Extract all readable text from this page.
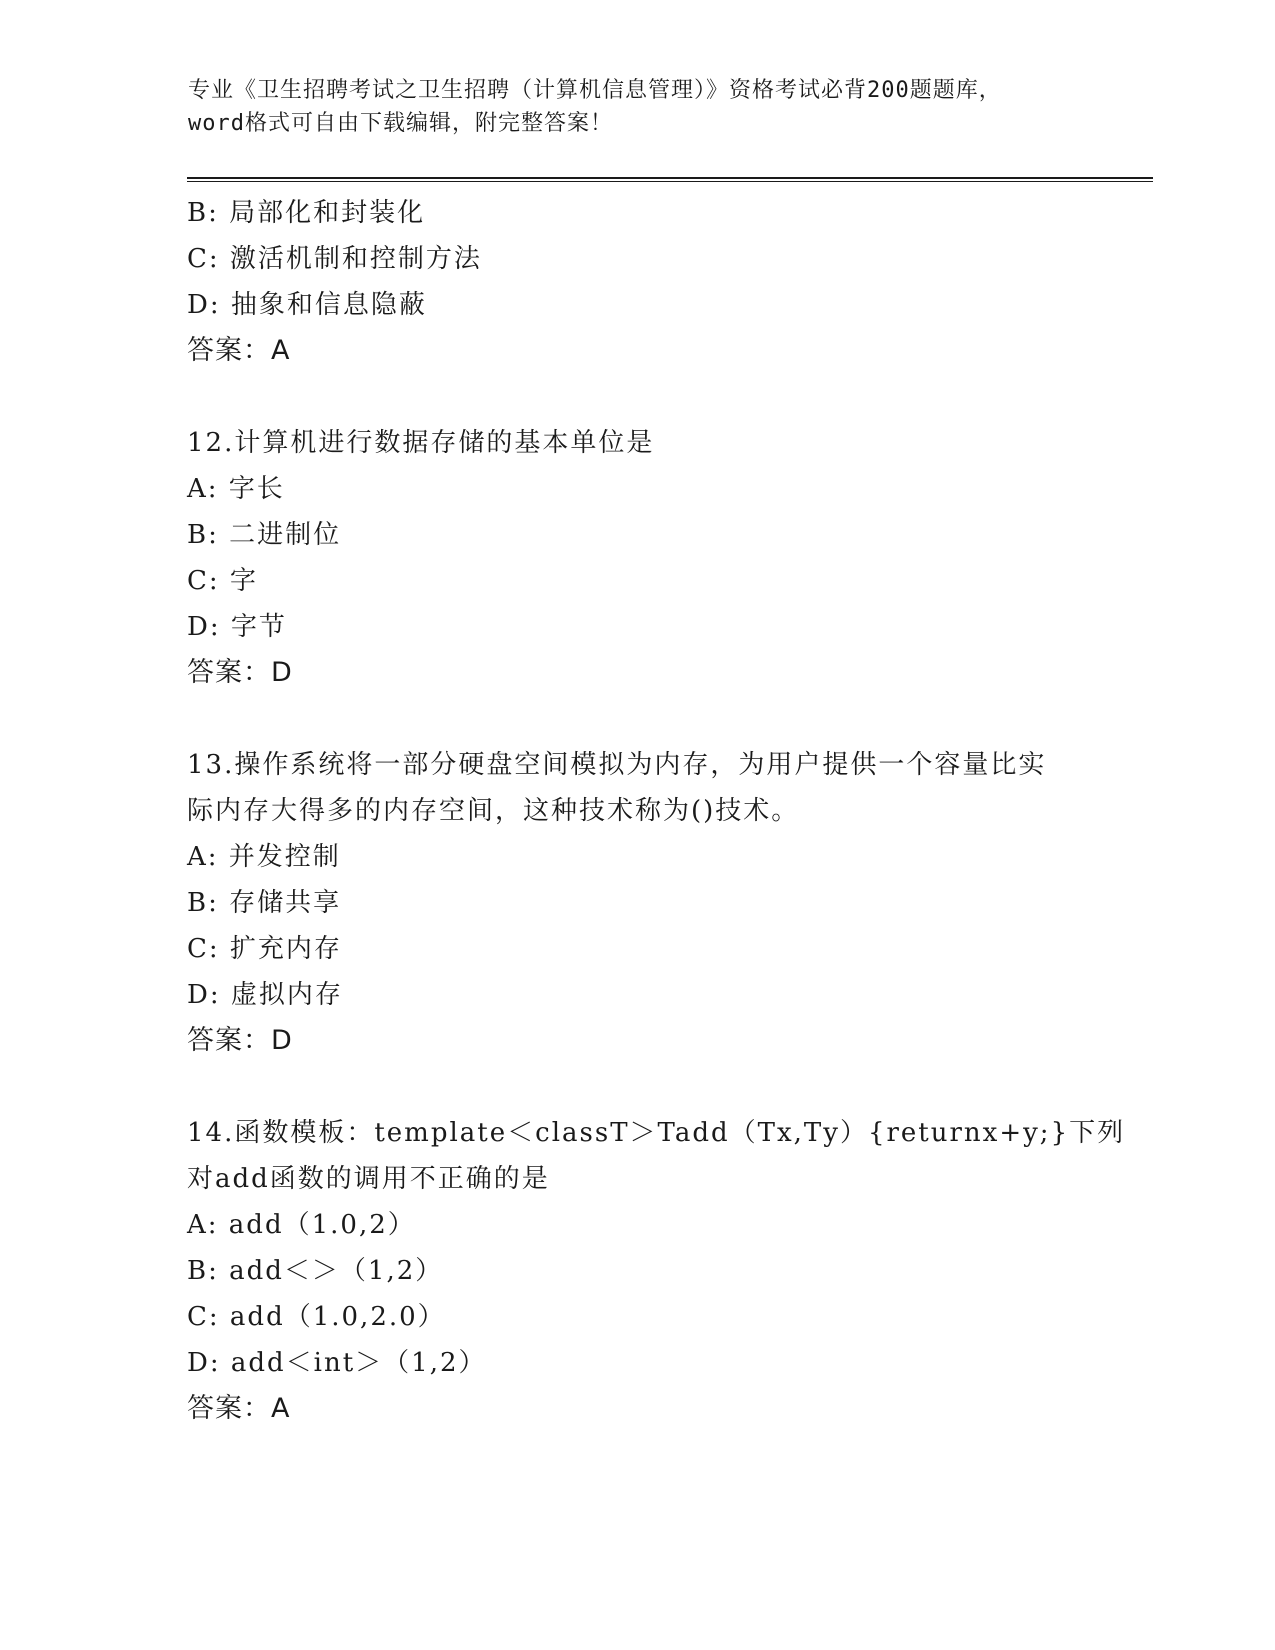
专业《卫生招聘考试之卫生招聘（计算机信息管理）》资格考试必背200题题库，
word格式可自由下载编辑，附完整答案！
B: 局部化和封装化
C: 激活机制和控制方法
D: 抽象和信息隐蔽
答案：A
12.计算机进行数据存储的基本单位是
A: 字长
B: 二进制位
C: 字
D: 字节
答案：D
13.操作系统将一部分硬盘空间模拟为内存，为用户提供一个容量比实
际内存大得多的内存空间，这种技术称为()技术。
A: 并发控制
B: 存储共享
C: 扩充内存
D: 虚拟内存
答案：D
14.函数模板：template＜classT＞Tadd（Tx,Ty）{returnx+y;}下列
对add函数的调用不正确的是
A: add（1.0,2）
B: add＜＞（1,2）
C: add（1.0,2.0）
D: add＜int＞（1,2）
答案：A
